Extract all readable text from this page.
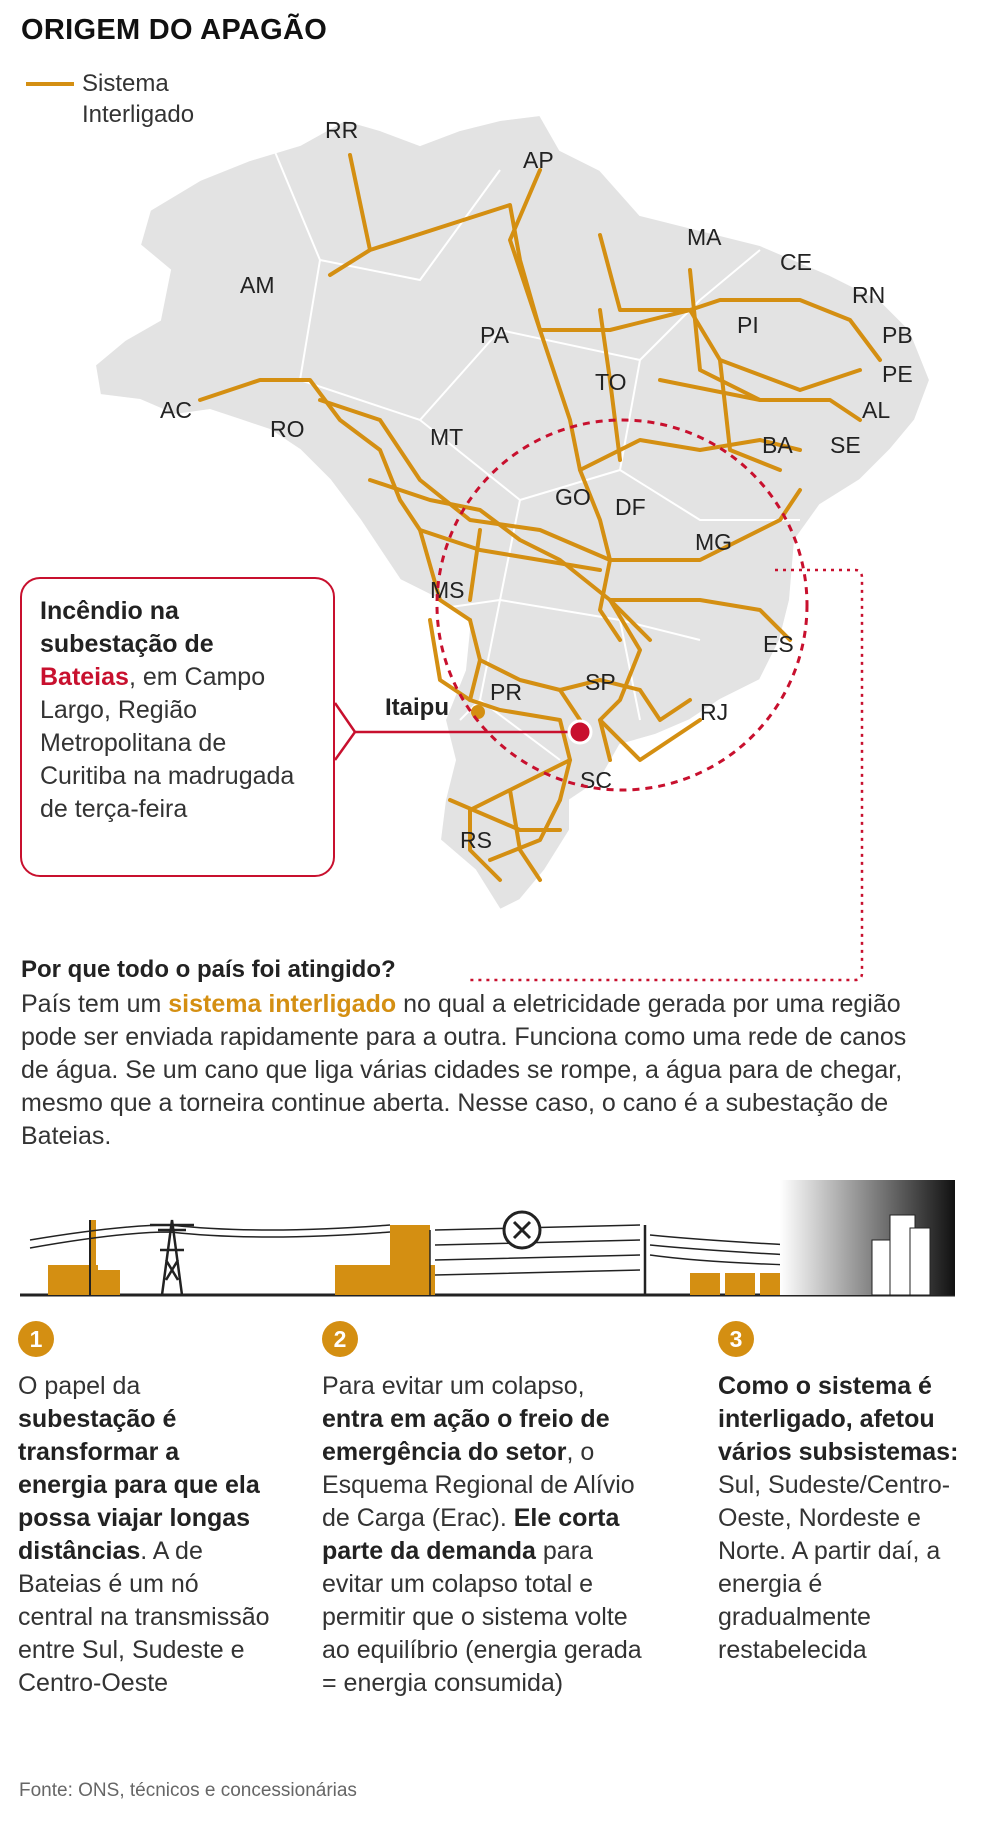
ORIGEM DO APAGÃO
Sistema
Interligado
RR
AP
AM
PA
MA
CE
RN
PB
PE
AL
SE
PI
TO
AC
RO	MT	BA
GO DF
MG
MS
ES
RJ
SP
PR
SC
RS
Itaipu
Incêndio na subestação de Bateias, em Campo Largo, Região Metropolitana de Curitiba na madrugada de terça-feira
Por que todo o país foi atingido?
País tem um sistema interligado no qual a eletricidade gerada por uma região pode ser enviada rapidamente para a outra. Funciona como uma rede de canos de água. Se um cano que liga várias cidades se rompe, a água para de chegar, mesmo que a torneira continue aberta. Nesse caso, o cano é a subestação de Bateias.
1
O papel da subestação é transformar a energia para que ela possa viajar longas distâncias. A de Bateias é um nó central na transmissão entre Sul, Sudeste e Centro-Oeste
2
Para evitar um colapso, entra em ação o freio de emergência do setor, o Esquema Regional de Alívio de Carga (Erac). Ele corta parte da demanda para evitar um colapso total e permitir que o sistema volte ao equilíbrio (energia gerada = energia consumida)
3
Como o sistema é interligado, afetou vários subsistemas: Sul, Sudeste/Centro-Oeste, Nordeste e Norte. A partir daí, a energia é gradualmente restabelecida
Fonte: ONS, técnicos e concessionárias
